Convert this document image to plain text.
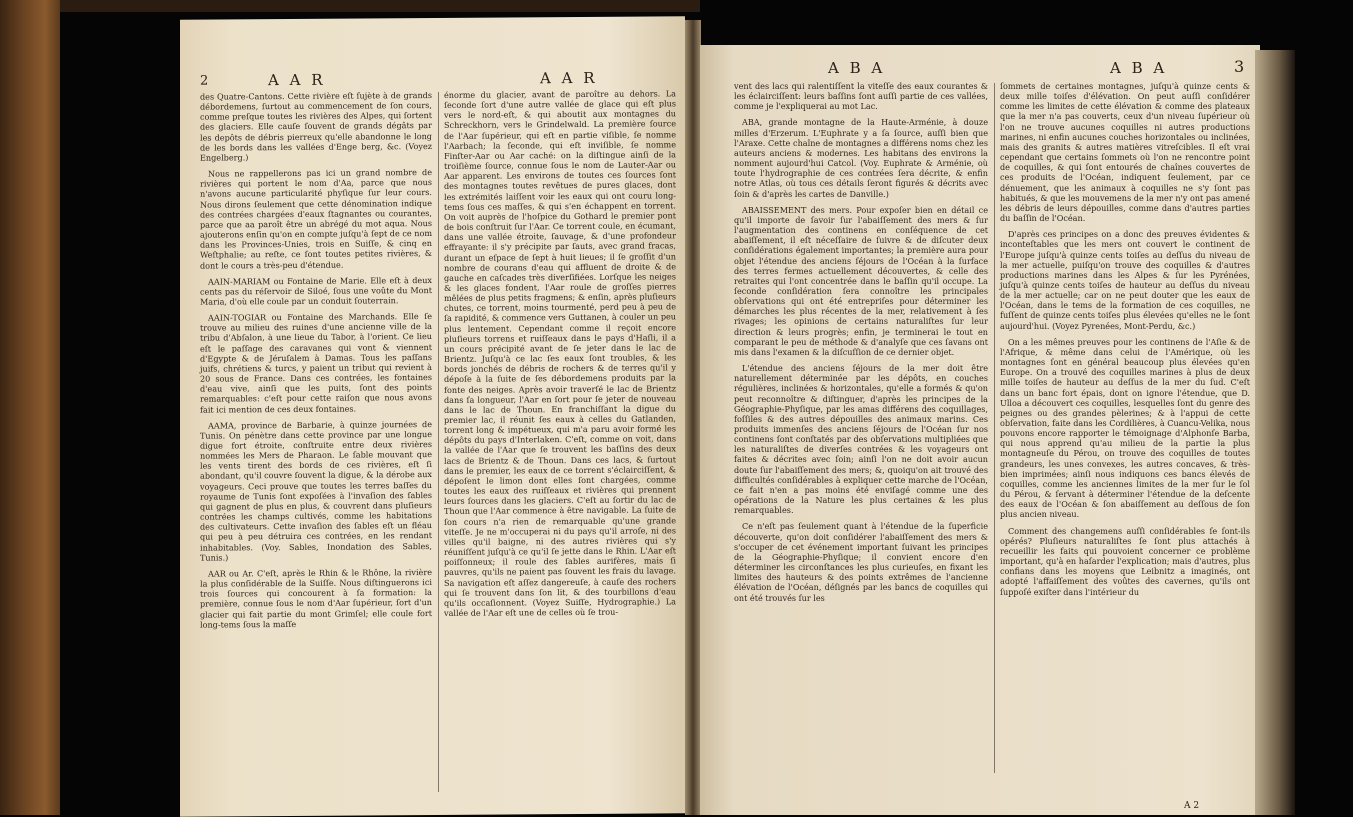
2	A A R	A A R

des Quatre-Cantons. Cette rivière eſt ſujète à de grands débordemens, ſurtout au commencement de ſon cours, comme preſque toutes les rivières des Alpes, qui ſortent des glaciers. Elle cauſe ſouvent de grands dégâts par les depôts de débris pierreux qu'elle abandonne le long de les bords dans les vallées d'Enge berg, &c. (Voyez Engelberg.)

Nous ne rappellerons pas ici un grand nombre de rivières qui portent le nom d'Aa, parce que nous n'avons aucune particularité phyſique ſur leur cours. Nous dirons ſeulement que cette dénomination indique des contrées chargées d'eaux ſtagnantes ou courantes, parce que aa paroît être un abrégé du mot aqua. Nous ajouterons enſin qu'on en compte juſqu'à ſept de ce nom dans les Provinces-Unies, trois en Suiſſe, & cinq en Weſtphalie; au reſte, ce ſont toutes petites rivières, & dont le cours a très-peu d'étendue.

AAIN-MARIAM ou Fontaine de Marie. Elle eſt à deux cents pas du réſervoir de Siloé, ſous une voûte du Mont Maria, d'où elle coule par un conduit ſouterrain.

AAIN-TOGIAR ou Fontaine des Marchands. Elle ſe trouve au milieu des ruines d'une ancienne ville de la tribu d'Abſalon, à une lieue du Tabor, à l'orient. Ce lieu eſt le paſſage des caravanes qui vont & viennent d'Egypte & de Jéruſalem à Damas. Tous les paſſans juifs, chrétiens & turcs, y paient un tribut qui revient à 20 sous de France. Dans ces contrées, les fontaines d'eau vive, ainſi que les puits, ſont des points remarquables: c'eſt pour cette raiſon que nous avons fait ici mention de ces deux fontaines.

AAMA, province de Barbarie, à quinze journées de Tunis. On pénètre dans cette province par une longue digue fort étroite, conſtruite entre deux rivières nommées les Mers de Pharaon. Le ſable mouvant que les vents tirent des bords de ces rivières, eſt ſi abondant, qu'il couvre ſouvent la digue, & la dérobe aux voyageurs. Ceci prouve que toutes les terres baſſes du royaume de Tunis ſont expoſées à l'invaſion des ſables qui gagnent de plus en plus, & couvrent dans pluſieurs contrées les champs cultivés, comme les habitations des cultivateurs. Cette invaſion des ſables eſt un fléau qui peu à peu détruira ces contrées, en les rendant inhabitables. (Voy. Sables, Inondation des Sables, Tunis.)

AAR ou Ar. C'eſt, après le Rhin & le Rhône, la rivière la plus conſidérable de la Suiſſe. Nous diſtinguerons ici trois ſources qui concourent à ſa formation: la première, connue ſous le nom d'Aar ſupérieur, ſort d'un glacier qui fait partie du mont Grimſel; elle coule fort long-tems ſous la maſſe

énorme du glacier, avant de paroître au dehors. La ſeconde ſort d'une autre vallée de glace qui eſt plus vers le nord-eſt, & qui aboutit aux montagnes du Schreckhorn, vers le Grindelwald. La première ſource de l'Aar ſupérieur, qui eſt en partie viſible, ſe nomme l'Aarbach; la ſeconde, qui eſt inviſible, ſe nomme Finſter-Aar ou Aar caché: on la diſtingue ainſi de la troiſième ſource, connue ſous le nom de Lauter-Aar ou Aar apparent. Les environs de toutes ces ſources ſont des montagnes toutes revêtues de pures glaces, dont les extrémités laiſſent voir les eaux qui ont couru long-tems ſous ces maſſes, & qui s'en échappent en torrent. On voit auprès de l'hoſpice du Gothard le premier pont de bois conſtruit ſur l'Aar. Ce torrent coule, en écumant, dans une vallée étroite, ſauvage, & d'une profondeur effrayante: il s'y précipite par ſauts, avec grand fracas, durant un eſpace de ſept à huit lieues; il ſe groſſit d'un nombre de courans d'eau qui affluent de droite & de gauche en caſcades très diverſifiées. Lorſque les neiges & les glaces fondent, l'Aar roule de groſſes pierres mêlées de plus petits fragmens; & enſin, après pluſieurs chutes, ce torrent, moins tourmenté, perd peu à peu de ſa rapidité, & commence vers Guttanen, à couler un peu plus lentement. Cependant comme il reçoit encore pluſieurs torrens et ruiſſeaux dans le pays d'Haſli, il a un cours précipité avant de ſe jeter dans le lac de Brientz. Juſqu'à ce lac ſes eaux ſont troubles, & les bords jonchés de débris de rochers & de terres qu'il y dépoſe à la ſuite de ſes débordemens produits par la fonte des neiges. Après avoir traverſé le lac de Brientz dans ſa longueur, l'Aar en ſort pour ſe jeter de nouveau dans le lac de Thoun. En franchiſſant la digue du premier lac, il réunit ſes eaux à celles du Gatlanden, torrent long & impétueux, qui m'a paru avoir formé les dépôts du pays d'Interlaken. C'eſt, comme on voit, dans la vallée de l'Aar que ſe trouvent les baſſins des deux lacs de Brientz & de Thoun. Dans ces lacs, & ſurtout dans le premier, les eaux de ce torrent s'éclairciſſent, & dépoſent le limon dont elles ſont chargées, comme toutes les eaux des ruiſſeaux et rivières qui prennent leurs ſources dans les glaciers. C'eſt au ſortir du lac de Thoun que l'Aar commence à être navigable. La ſuite de ſon cours n'a rien de remarquable qu'une grande viteſſe. Je ne m'occuperai ni du pays qu'il arroſe, ni des villes qu'il baigne, ni des autres rivières qui s'y réuniſſent juſqu'à ce qu'il ſe jette dans le Rhin. L'Aar eſt poiſſonneux; il roule des ſables aurifères, mais ſi pauvres, qu'ils ne paient pas ſouvent les frais du lavage. Sa navigation eſt aſſez dangereuſe, à cauſe des rochers qui ſe trouvent dans ſon lit, & des tourbillons d'eau qu'ils occaſionnent. (Voyez Suiſſe, Hydrographie.) La vallée de l'Aar eſt une de celles où ſe trou-

A B A	A B A	3

vent des lacs qui ralentiſſent la viteſſe des eaux courantes & les éclairciſſent: leurs baſſins ſont auſſi partie de ces vallées, comme je l'expliquerai au mot Lac.

ABA, grande montagne de la Haute-Arménie, à douze milles d'Erzerum. L'Euphrate y a ſa ſource, auſſi bien que l'Araxe. Cette chaîne de montagnes a différens noms chez les auteurs anciens & modernes. Les habitans des environs la nomment aujourd'hui Catcol. (Voy. Euphrate & Arménie, où toute l'hydrographie de ces contrées ſera décrite, & enfin notre Atlas, où tous ces détails ſeront figurés & décrits avec ſoin & d'après les cartes de Danville.)

ABAISSEMENT des mers. Pour expoſer bien en détail ce qu'il importe de ſavoir ſur l'abaiſſement des mers & ſur l'augmentation des continens en conſéquence de cet abaiſſement, il eſt néceſſaire de ſuivre & de diſcuter deux conſidérations également importantes; la première aura pour objet l'étendue des anciens ſéjours de l'Océan à la ſurface des terres fermes actuellement découvertes, & celle des retraites qui l'ont concentrée dans le baſſin qu'il occupe. La ſeconde conſidération ſera connoître les principales obſervations qui ont été entrepriſes pour déterminer les démarches les plus récentes de la mer, relativement à ſes rivages; les opinions de certains naturaliſtes ſur leur direction & leurs progrès; enfin, je terminerai le tout en comparant le peu de méthode & d'analyſe que ces ſavans ont mis dans l'examen & la diſcuſſion de ce dernier objet.

L'étendue des anciens ſéjours de la mer doit être naturellement déterminée par les dépôts, en couches régulières, inclinées & horizontales, qu'elle a formés & qu'on peut reconnoître & diſtinguer, d'après les principes de la Géographie-Phyſique, par les amas différens des coquillages, foſſiles & des autres dépouilles des animaux marins. Ces produits immenſes des anciens ſéjours de l'Océan ſur nos continens ſont conſtatés par des obſervations multipliées que les naturaliſtes de diverſes contrées & les voyageurs ont faites & décrites avec ſoin; ainſi l'on ne doit avoir aucun doute ſur l'abaiſſement des mers; &, quoiqu'on ait trouvé des difficultés conſidérables à expliquer cette marche de l'Océan, ce fait n'en a pas moins été enviſagé comme une des opérations de la Nature les plus certaines & les plus remarquables.

Ce n'eſt pas ſeulement quant à l'étendue de la ſuperficie découverte, qu'on doit conſidérer l'abaiſſement des mers & s'occuper de cet événement important ſuivant les principes de la Géographie-Phyſique; il convient encore d'en déterminer les circonſtances les plus curieuſes, en fixant les limites des hauteurs & des points extrêmes de l'ancienne élévation de l'Océan, déſignés par les bancs de coquilles qui ont été trouvés ſur les

ſommets de certaines montagnes, juſqu'à quinze cents & deux mille toiſes d'élévation. On peut auſſi conſidérer comme les limites de cette élévation & comme des plateaux que la mer n'a pas couverts, ceux d'un niveau ſupérieur où l'on ne trouve aucunes coquilles ni autres productions marines, ni enfin aucunes couches horizontales ou inclinées, mais des granits & autres matières vitreſcibles. Il eſt vrai cependant que certains ſommets où l'on ne rencontre point de coquilles, & qui ſont entourés de chaînes couvertes de ces produits de l'Océan, indiquent ſeulement, par ce dénuement, que les animaux à coquilles ne s'y ſont pas habitués, & que les mouvemens de la mer n'y ont pas amené les débris de leurs dépouilles, comme dans d'autres parties du baſſin de l'Océan.

D'après ces principes on a donc des preuves évidentes & inconteſtables que les mers ont couvert le continent de l'Europe juſqu'à quinze cents toiſes au deſſus du niveau de la mer actuelle, puiſqu'on trouve des coquilles & d'autres productions marines dans les Alpes & ſur les Pyrénées, juſqu'à quinze cents toiſes de hauteur au deſſus du niveau de la mer actuelle; car on ne peut douter que les eaux de l'Océan, dans le tems de la formation de ces coquilles, ne fuſſent de quinze cents toiſes plus élevées qu'elles ne le ſont aujourd'hui. (Voyez Pyrenées, Mont-Perdu, &c.)

On a les mêmes preuves pour les continens de l'Aſie & de l'Afrique, & même dans celui de l'Amérique, où les montagnes ſont en général beaucoup plus élevées qu'en Europe. On a trouvé des coquilles marines à plus de deux mille toiſes de hauteur au deſſus de la mer du ſud. C'eſt dans un banc fort épais, dont on ignore l'étendue, que D. Ulloa a découvert ces coquilles, lesquelles ſont du genre des peignes ou des grandes pèlerines; & à l'appui de cette obſervation, faite dans les Cordilières, à Cuancu-Velika, nous pouvons encore rapporter le témoignage d'Alphonſe Barba, qui nous apprend qu'au milieu de la partie la plus montagneuſe du Pérou, on trouve des coquilles de toutes grandeurs, les unes convexes, les autres concaves, & très-bien imprimées; ainſi nous indiquons ces bancs élevés de coquilles, comme les anciennes limites de la mer ſur le ſol du Pérou, & ſervant à déterminer l'étendue de la deſcente des eaux de l'Océan & ſon abaiſſement au deſſous de ſon plus ancien niveau.

Comment des changemens auſſi conſidérables ſe ſont-ils opérés? Pluſieurs naturaliſtes ſe ſont plus attachés à recueillir les faits qui pouvoient concerner ce problème important, qu'à en haſarder l'explication; mais d'autres, plus confians dans les moyens que Leibnitz a imaginés, ont adopté l'affaiſſement des voûtes des cavernes, qu'ils ont ſuppoſé exiſter dans l'intérieur du

A 2
